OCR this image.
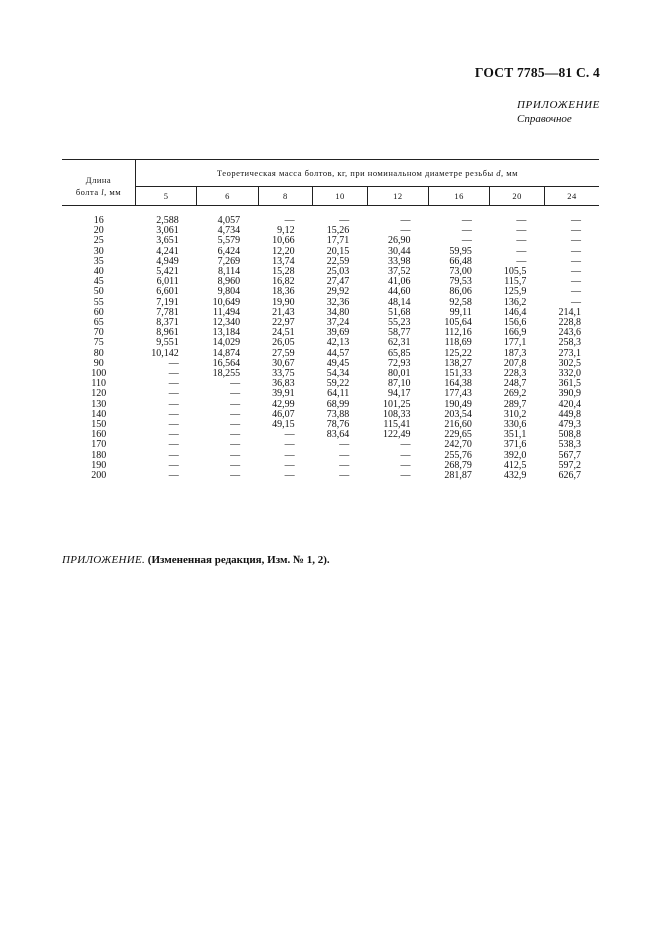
ГОСТ 7785—81 С. 4
ПРИЛОЖЕНИЕ
Справочное
Длина
болта l, мм	Теоретическая масса болтов, кг, при номинальном диаметре резьбы d, мм							
	5	6	8	10	12	16	20	24
16	2,588	4,057	—	—	—	—	—	—
20	3,061	4,734	9,12	15,26	—	—	—	—
25	3,651	5,579	10,66	17,71	26,90	—	—	—
30	4,241	6,424	12,20	20,15	30,44	59,95	—	—
35	4,949	7,269	13,74	22,59	33,98	66,48	—	—
40	5,421	8,114	15,28	25,03	37,52	73,00	105,5	—
45	6,011	8,960	16,82	27,47	41,06	79,53	115,7	—
50	6,601	9,804	18,36	29,92	44,60	86,06	125,9	—
55	7,191	10,649	19,90	32,36	48,14	92,58	136,2	—
60	7,781	11,494	21,43	34,80	51,68	99,11	146,4	214,1
65	8,371	12,340	22,97	37,24	55,23	105,64	156,6	228,8
70	8,961	13,184	24,51	39,69	58,77	112,16	166,9	243,6
75	9,551	14,029	26,05	42,13	62,31	118,69	177,1	258,3
80	10,142	14,874	27,59	44,57	65,85	125,22	187,3	273,1
90	—	16,564	30,67	49,45	72,93	138,27	207,8	302,5
100	—	18,255	33,75	54,34	80,01	151,33	228,3	332,0
110	—	—	36,83	59,22	87,10	164,38	248,7	361,5
120	—	—	39,91	64,11	94,17	177,43	269,2	390,9
130	—	—	42,99	68,99	101,25	190,49	289,7	420,4
140	—	—	46,07	73,88	108,33	203,54	310,2	449,8
150	—	—	49,15	78,76	115,41	216,60	330,6	479,3
160	—	—	—	83,64	122,49	229,65	351,1	508,8
170	—	—	—	—	—	242,70	371,6	538,3
180	—	—	—	—	—	255,76	392,0	567,7
190	—	—	—	—	—	268,79	412,5	597,2
200	—	—	—	—	—	281,87	432,9	626,7
ПРИЛОЖЕНИЕ. (Измененная редакция, Изм. № 1, 2).
